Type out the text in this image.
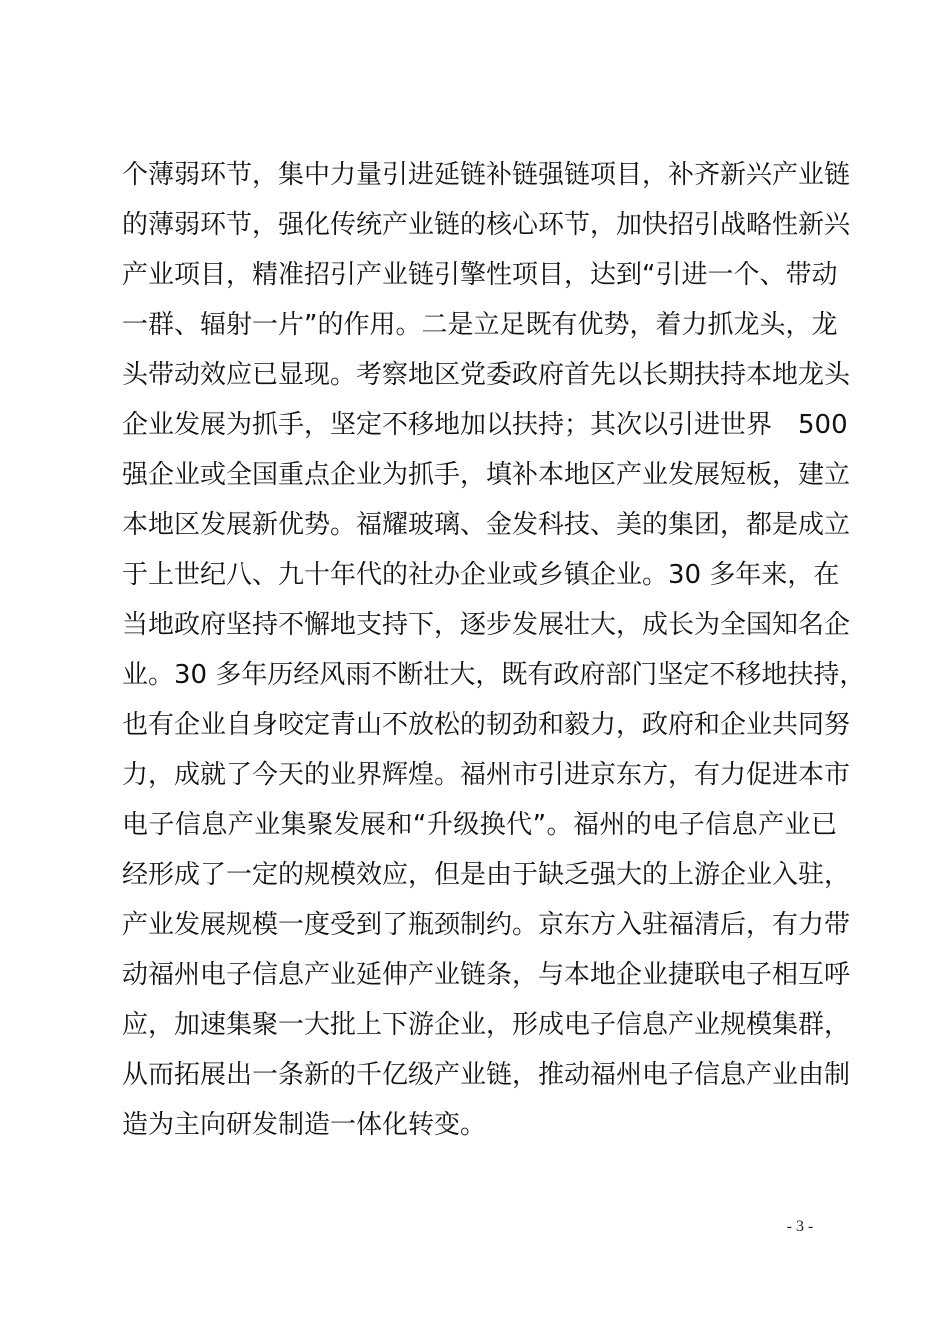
个薄弱环节，集中力量引进延链补链强链项目，补齐新兴产业链
的薄弱环节，强化传统产业链的核心环节，加快招引战略性新兴
产业项目，精准招引产业链引擎性项目，达到“引进一个、带动
一群、辐射一片”的作用。二是立足既有优势，着力抓龙头，龙
头带动效应已显现。考察地区党委政府首先以长期扶持本地龙头
企业发展为抓手，坚定不移地加以扶持；其次以引进世界　500
强企业或全国重点企业为抓手，填补本地区产业发展短板，建立
本地区发展新优势。福耀玻璃、金发科技、美的集团，都是成立
于上世纪八、九十年代的社办企业或乡镇企业。30 多年来，在
当地政府坚持不懈地支持下，逐步发展壮大，成长为全国知名企
业。30 多年历经风雨不断壮大，既有政府部门坚定不移地扶持，
也有企业自身咬定青山不放松的韧劲和毅力，政府和企业共同努
力，成就了今天的业界辉煌。福州市引进京东方，有力促进本市
电子信息产业集聚发展和“升级换代”。福州的电子信息产业已
经形成了一定的规模效应，但是由于缺乏强大的上游企业入驻，
产业发展规模一度受到了瓶颈制约。京东方入驻福清后，有力带
动福州电子信息产业延伸产业链条，与本地企业捷联电子相互呼
应，加速集聚一大批上下游企业，形成电子信息产业规模集群，
从而拓展出一条新的千亿级产业链，推动福州电子信息产业由制
造为主向研发制造一体化转变。
- 3 -
